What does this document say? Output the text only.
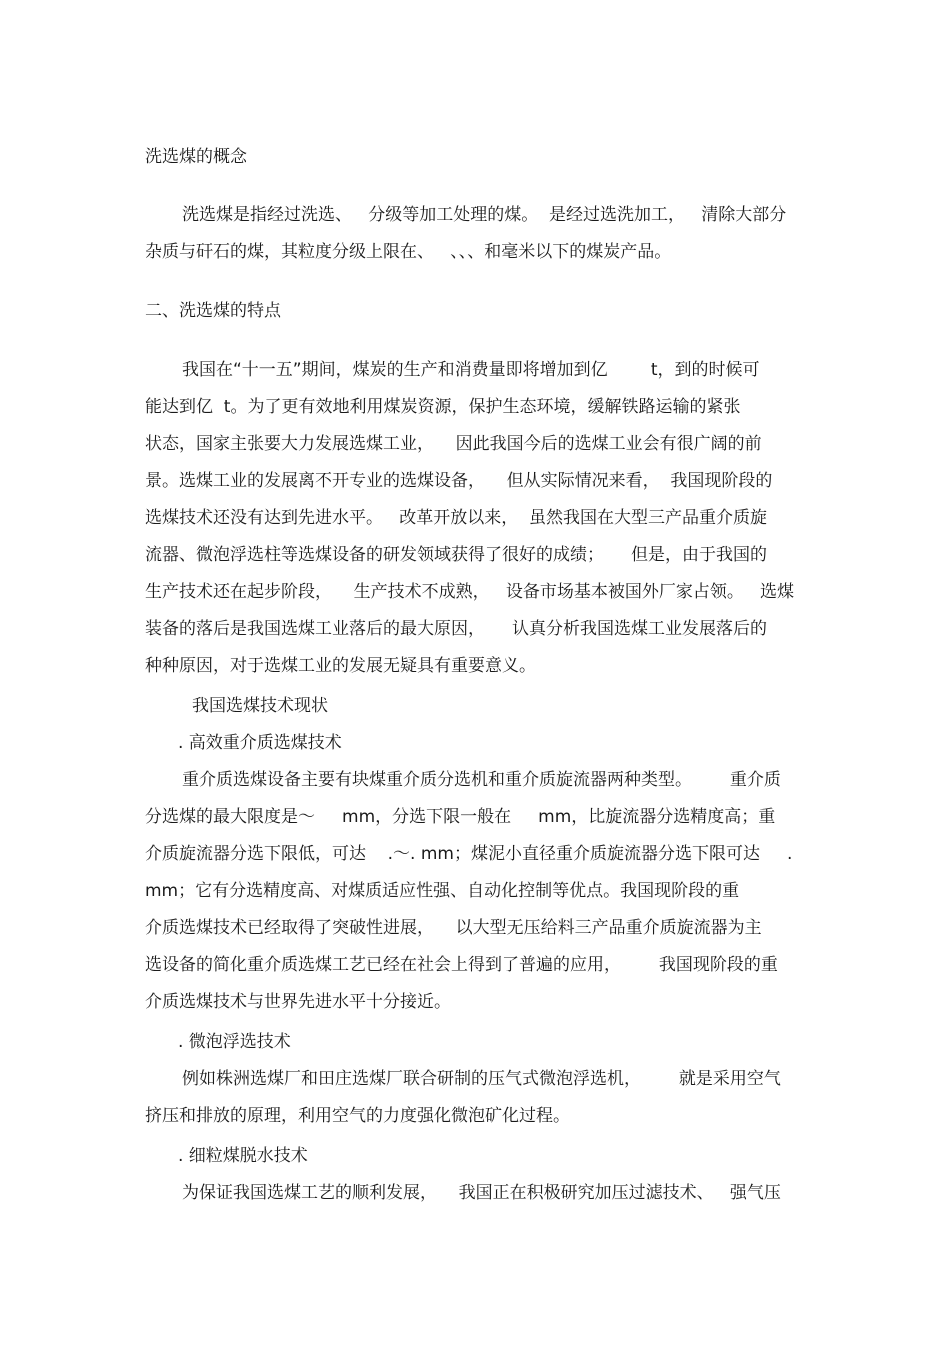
洗选煤的概念
洗选煤是指经过洗选、   分级等加工处理的煤。  是经过选洗加工，   清除大部分
杂质与矸石的煤，其粒度分级上限在、   、、、和毫米以下的煤炭产品。
二、洗选煤的特点
我国在“十一五”期间，煤炭的生产和消费量即将增加到亿        t，到的时候可
能达到亿  t。为了更有效地利用煤炭资源，保护生态环境，缓解铁路运输的紧张
状态，国家主张要大力发展选煤工业，    因此我国今后的选煤工业会有很广阔的前
景。选煤工业的发展离不开专业的选煤设备，    但从实际情况来看，  我国现阶段的
选煤技术还没有达到先进水平。   改革开放以来，  虽然我国在大型三产品重介质旋
流器、微泡浮选柱等选煤设备的研发领域获得了很好的成绩；     但是，由于我国的
生产技术还在起步阶段，    生产技术不成熟，   设备市场基本被国外厂家占领。   选煤
装备的落后是我国选煤工业落后的最大原因，     认真分析我国选煤工业发展落后的
种种原因，对于选煤工业的发展无疑具有重要意义。
我国选煤技术现状
. 高效重介质选煤技术
重介质选煤设备主要有块煤重介质分选机和重介质旋流器两种类型。       重介质
分选煤的最大限度是～     mm，分选下限一般在     mm，比旋流器分选精度高；重
介质旋流器分选下限低，可达    .～. mm；煤泥小直径重介质旋流器分选下限可达     .
mm；它有分选精度高、对煤质适应性强、自动化控制等优点。我国现阶段的重
介质选煤技术已经取得了突破性进展，    以大型无压给料三产品重介质旋流器为主
选设备的简化重介质选煤工艺已经在社会上得到了普遍的应用，       我国现阶段的重
介质选煤技术与世界先进水平十分接近。
. 微泡浮选技术
例如株洲选煤厂和田庄选煤厂联合研制的压气式微泡浮选机，       就是采用空气
挤压和排放的原理，利用空气的力度强化微泡矿化过程。
. 细粒煤脱水技术
为保证我国选煤工艺的顺利发展，    我国正在积极研究加压过滤技术、   强气压
